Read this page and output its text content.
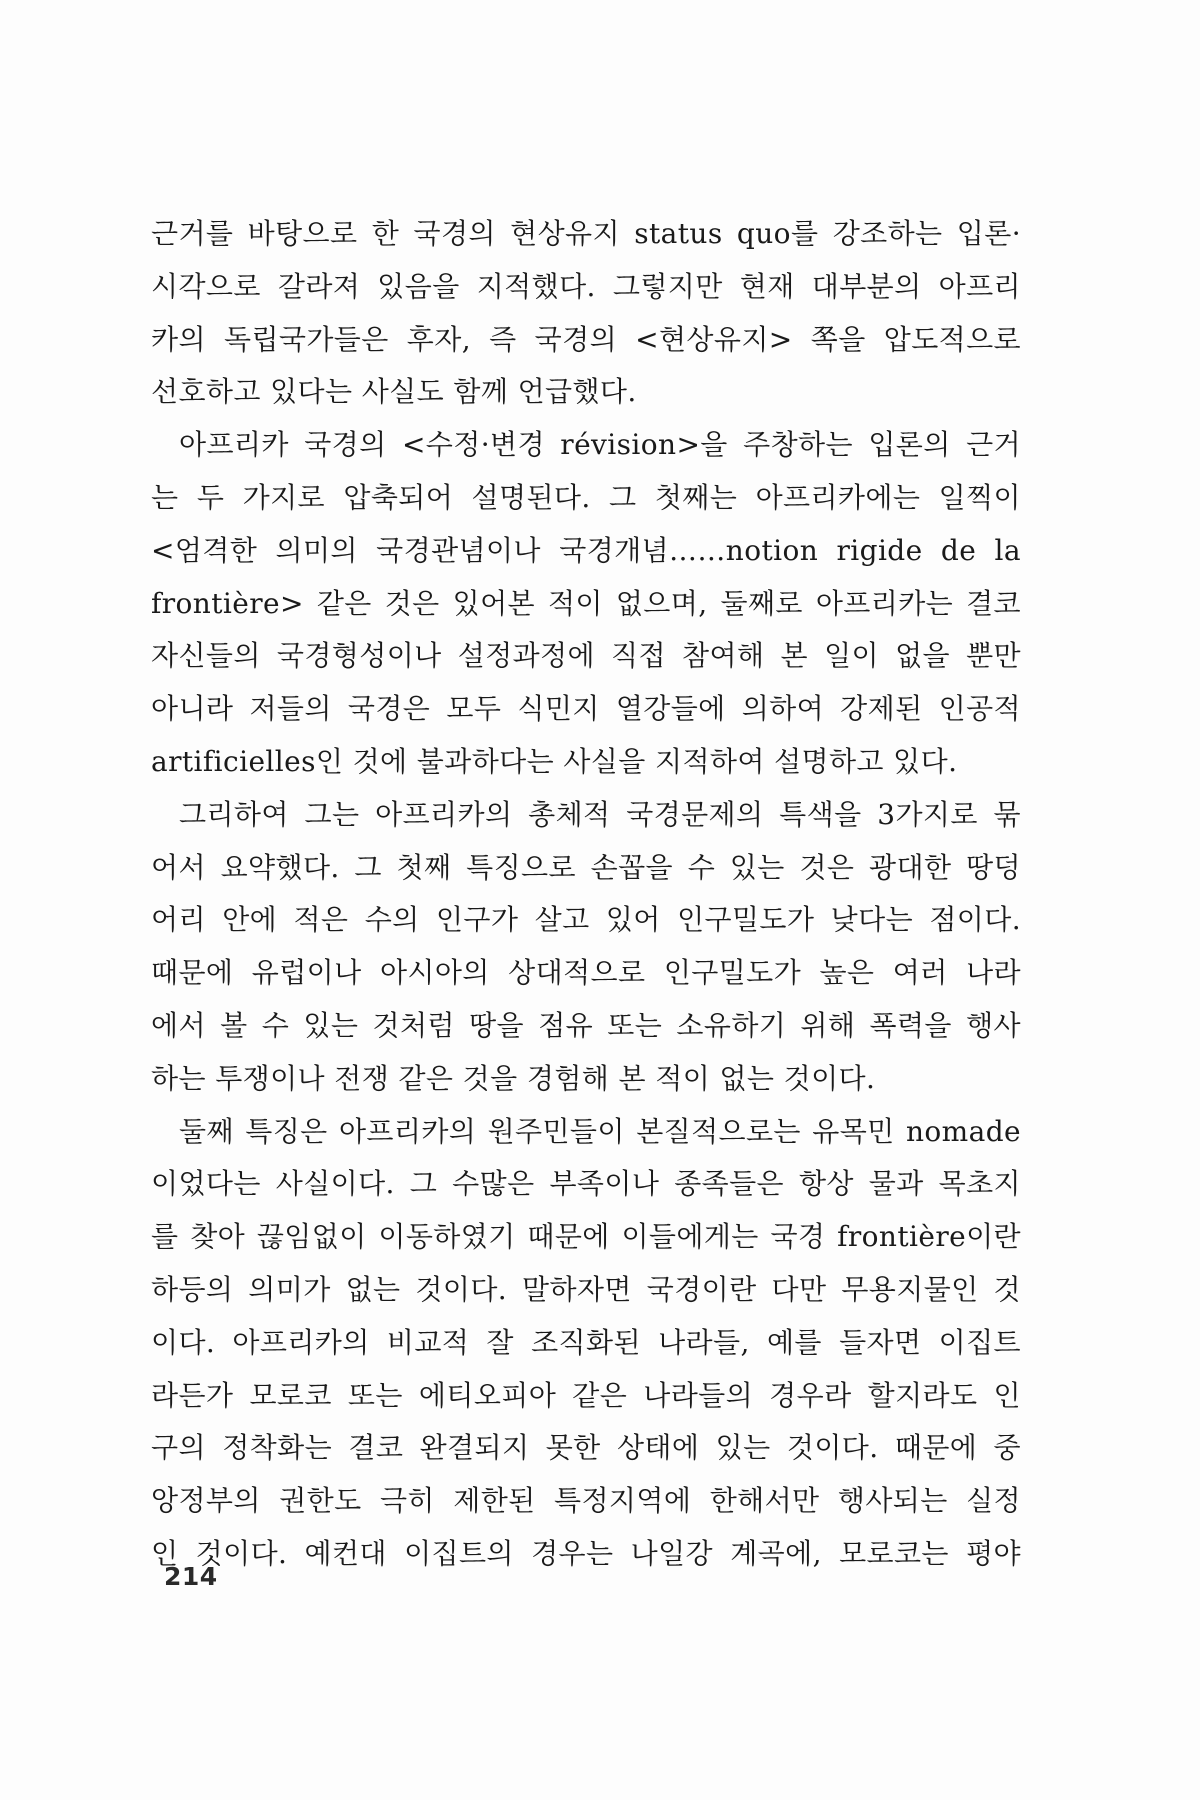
근거를 바탕으로 한 국경의 현상유지 status quo를 강조하는 입론·
시각으로 갈라져 있음을 지적했다. 그렇지만 현재 대부분의 아프리
카의 독립국가들은 후자, 즉 국경의 <현상유지> 쪽을 압도적으로
선호하고 있다는 사실도 함께 언급했다.
아프리카 국경의 <수정·변경 révision>을 주창하는 입론의 근거
는 두 가지로 압축되어 설명된다. 그 첫째는 아프리카에는 일찍이
<엄격한 의미의 국경관념이나 국경개념……notion rigide de la
frontière> 같은 것은 있어본 적이 없으며, 둘째로 아프리카는 결코
자신들의 국경형성이나 설정과정에 직접 참여해 본 일이 없을 뿐만
아니라 저들의 국경은 모두 식민지 열강들에 의하여 강제된 인공적
artificielles인 것에 불과하다는 사실을 지적하여 설명하고 있다.
그리하여 그는 아프리카의 총체적 국경문제의 특색을 3가지로 묶
어서 요약했다. 그 첫째 특징으로 손꼽을 수 있는 것은 광대한 땅덩
어리 안에 적은 수의 인구가 살고 있어 인구밀도가 낮다는 점이다.
때문에 유럽이나 아시아의 상대적으로 인구밀도가 높은 여러 나라
에서 볼 수 있는 것처럼 땅을 점유 또는 소유하기 위해 폭력을 행사
하는 투쟁이나 전쟁 같은 것을 경험해 본 적이 없는 것이다.
둘째 특징은 아프리카의 원주민들이 본질적으로는 유목민 nomade
이었다는 사실이다. 그 수많은 부족이나 종족들은 항상 물과 목초지
를 찾아 끊임없이 이동하였기 때문에 이들에게는 국경 frontière이란
하등의 의미가 없는 것이다. 말하자면 국경이란 다만 무용지물인 것
이다. 아프리카의 비교적 잘 조직화된 나라들, 예를 들자면 이집트
라든가 모로코 또는 에티오피아 같은 나라들의 경우라 할지라도 인
구의 정착화는 결코 완결되지 못한 상태에 있는 것이다. 때문에 중
앙정부의 권한도 극히 제한된 특정지역에 한해서만 행사되는 실정
인 것이다. 예컨대 이집트의 경우는 나일강 계곡에, 모로코는 평야
214
